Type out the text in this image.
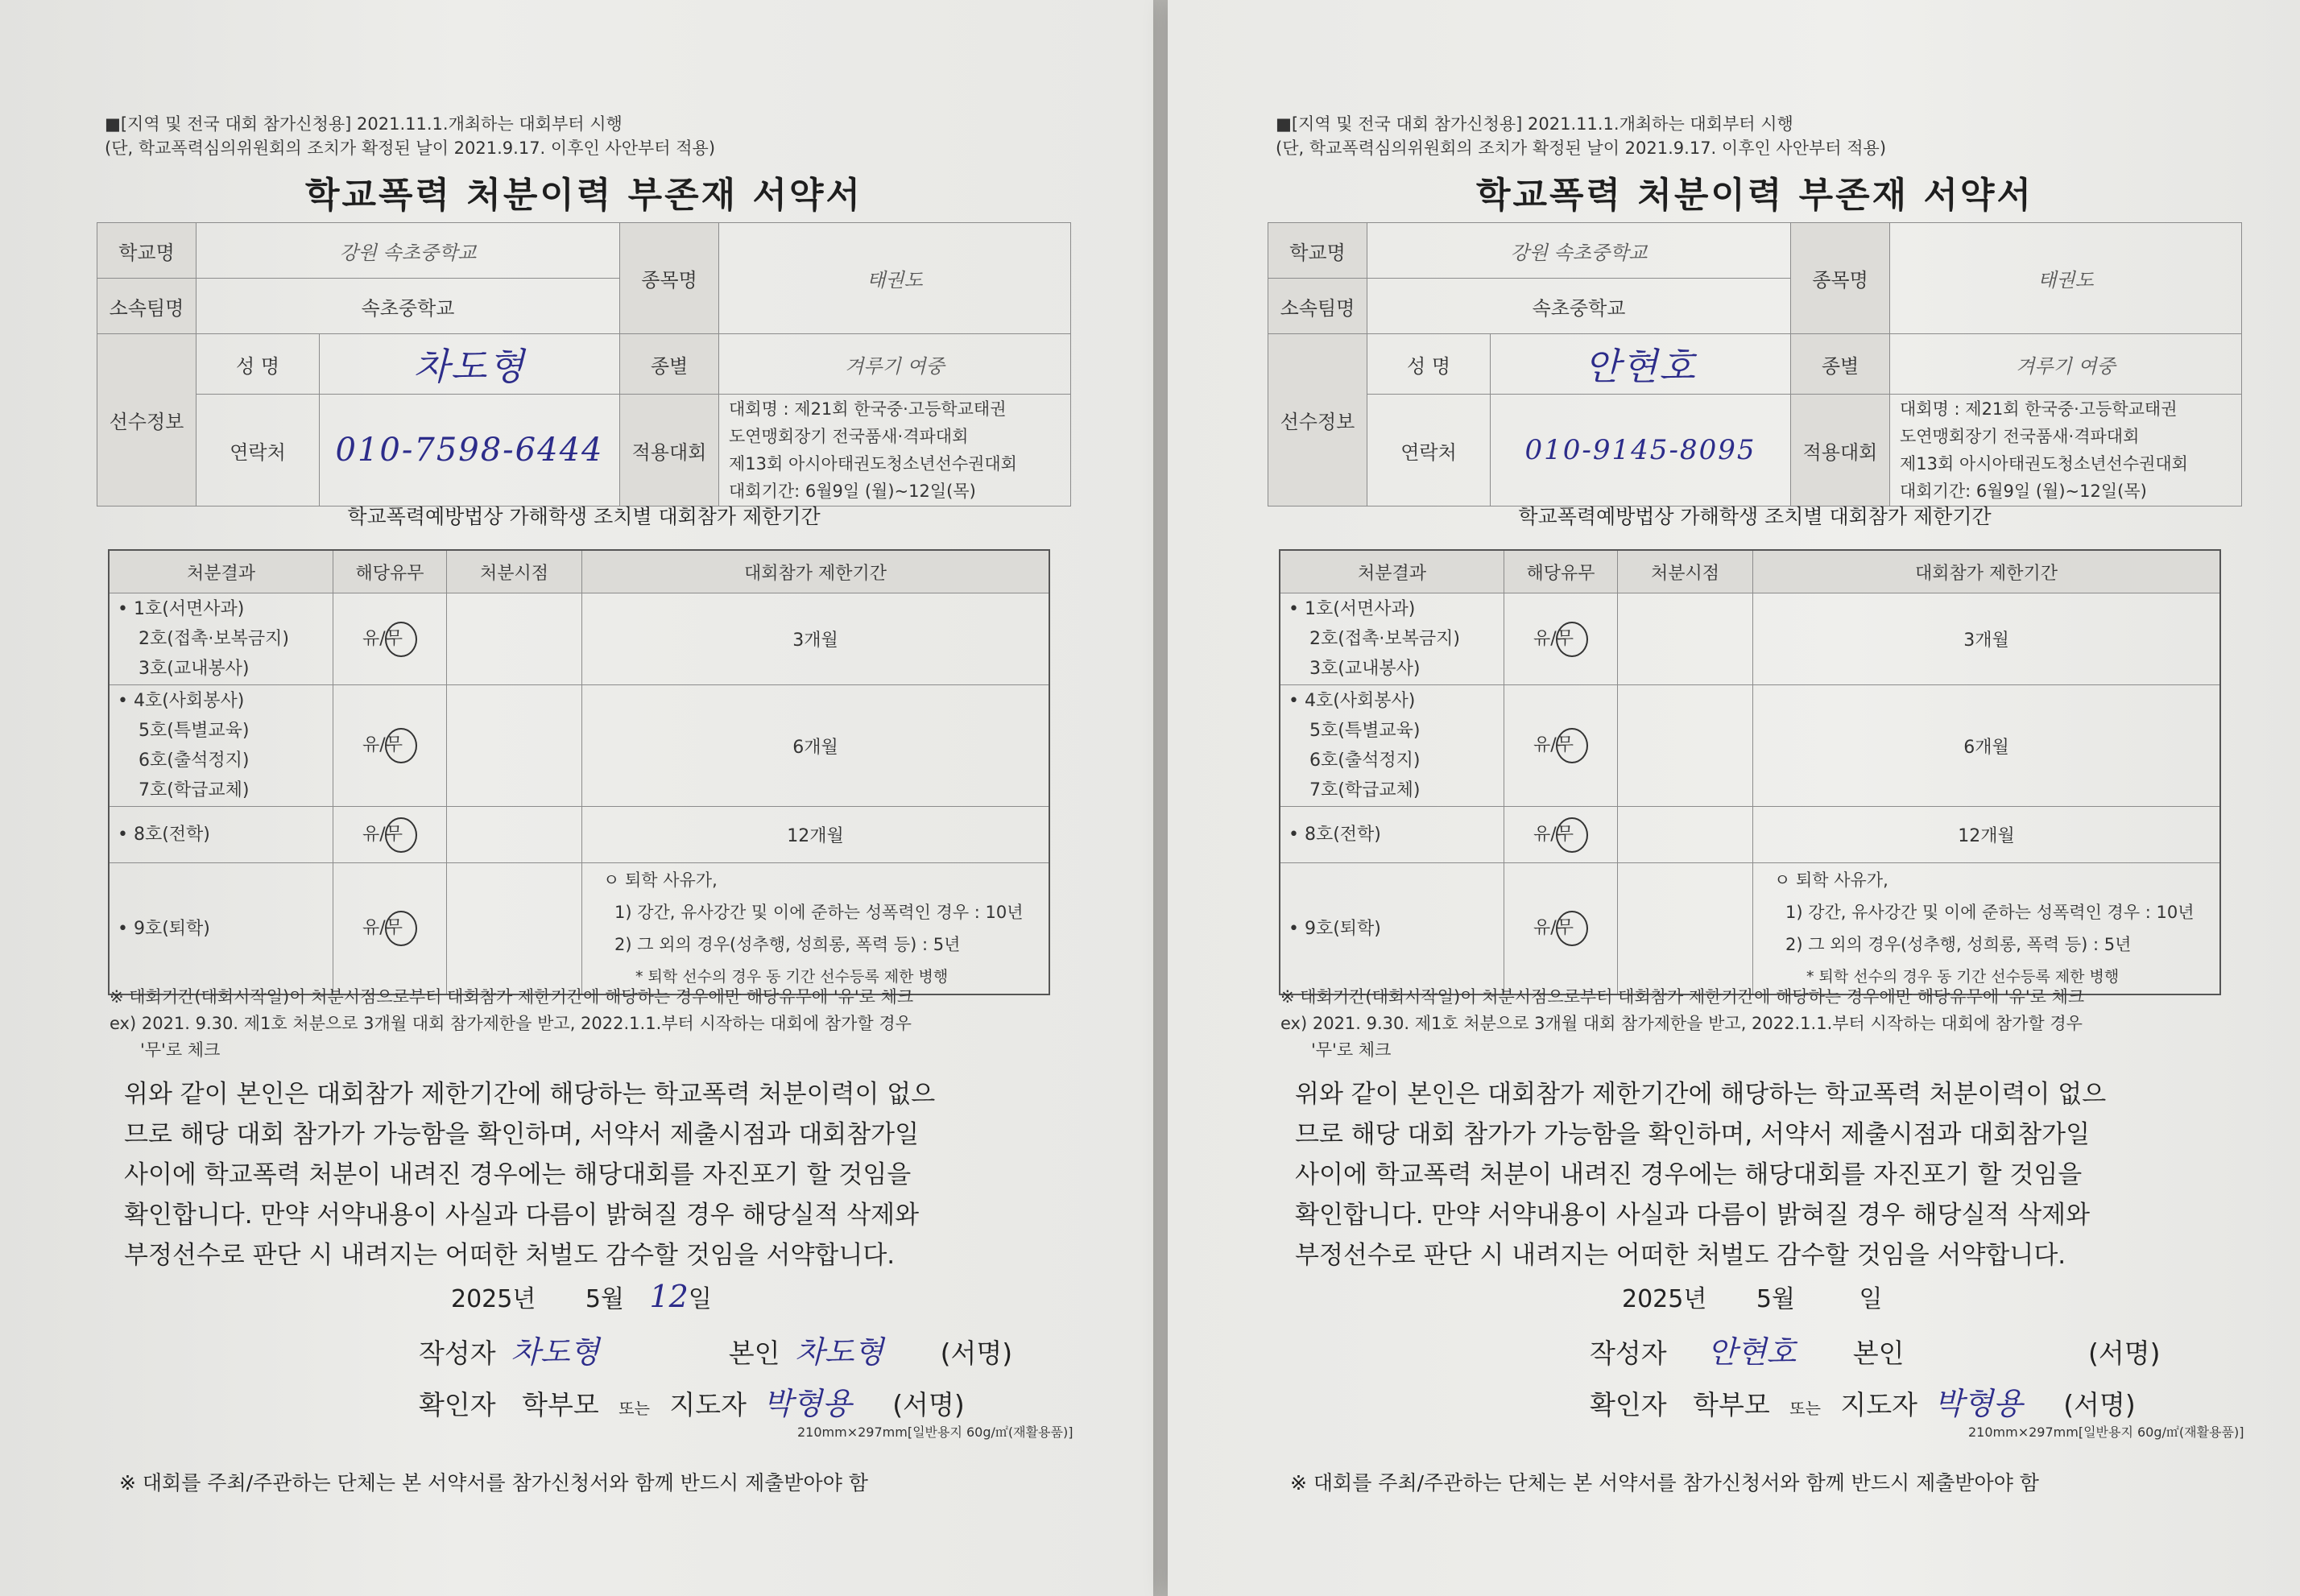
■[지역 및 전국 대회 참가신청용] 2021.11.1.개최하는 대회부터 시행
(단, 학교폭력심의위원회의 조치가 확정된 날이 2021.9.17. 이후인 사안부터 적용)
학교폭력 처분이력 부존재 서약서
학교명	강원 속초중학교		종목명	태권도
소속팀명	속초중학교			
선수정보	성 명	차도형	종별	겨루기 여중
	연락처	010-7598-6444	적용대회	대회명 : 제21회 한국중·고등학교태권
도연맹회장기 전국품새·격파대회
제13회 아시아태권도청소년선수권대회
대회기간: 6월9일 (월)~12일(목)
학교폭력예방법상 가해학생 조치별 대회참가 제한기간
처분결과	해당유무	처분시점	대회참가 제한기간

• 1호(서면사과)
2호(접촉·보복금지)
3호(교내봉사)	유/무		3개월

• 4호(사회봉사)
5호(특별교육)
6호(출석정지)
7호(학급교체)	유/무		6개월

• 8호(전학)	유/무		12개월

• 9호(퇴학)	유/무		ㅇ 퇴학 사유가,
1) 강간, 유사강간 및 이에 준하는 성폭력인 경우 : 10년
2) 그 외의 경우(성추행, 성희롱, 폭력 등) : 5년
* 퇴학 선수의 경우 동 기간 선수등록 제한 병행
※ 대회기간(대회시작일)이 처분시점으로부터 대회참가 제한기간에 해당하는 경우에만 해당유무에 '유'로 체크
ex) 2021. 9.30. 제1호 처분으로 3개월 대회 참가제한을 받고, 2022.1.1.부터 시작하는 대회에 참가할 경우
'무'로 체크
위와 같이 본인은 대회참가 제한기간에 해당하는 학교폭력 처분이력이 없으
므로 해당 대회 참가가 가능함을 확인하며, 서약서 제출시점과 대회참가일
사이에 학교폭력 처분이 내려진 경우에는 해당대회를 자진포기 할 것임을
확인합니다. 만약 서약내용이 사실과 다름이 밝혀질 경우 해당실적 삭제와
부정선수로 판단 시 내려지는 어떠한 처벌도 감수할 것임을 서약합니다.
2025년 5월 12일
작성자 차도형	본인 차도형 (서명)
확인자 학부모 또는 지도자 박형용 (서명)
210mm×297mm[일반용지 60g/㎡(재활용품)]
※ 대회를 주최/주관하는 단체는 본 서약서를 참가신청서와 함께 반드시 제출받아야 함
■[지역 및 전국 대회 참가신청용] 2021.11.1.개최하는 대회부터 시행
(단, 학교폭력심의위원회의 조치가 확정된 날이 2021.9.17. 이후인 사안부터 적용)
학교폭력 처분이력 부존재 서약서
학교명	강원 속초중학교		종목명	태권도
소속팀명	속초중학교			
선수정보	성 명	안현호	종별	겨루기 여중
	연락처	010-9145-8095	적용대회	대회명 : 제21회 한국중·고등학교태권
도연맹회장기 전국품새·격파대회
제13회 아시아태권도청소년선수권대회
대회기간: 6월9일 (월)~12일(목)
학교폭력예방법상 가해학생 조치별 대회참가 제한기간
처분결과	해당유무	처분시점	대회참가 제한기간

• 1호(서면사과)
2호(접촉·보복금지)
3호(교내봉사)	유/무		3개월

• 4호(사회봉사)
5호(특별교육)
6호(출석정지)
7호(학급교체)	유/무		6개월

• 8호(전학)	유/무		12개월

• 9호(퇴학)	유/무		ㅇ 퇴학 사유가,
1) 강간, 유사강간 및 이에 준하는 성폭력인 경우 : 10년
2) 그 외의 경우(성추행, 성희롱, 폭력 등) : 5년
* 퇴학 선수의 경우 동 기간 선수등록 제한 병행
※ 대회기간(대회시작일)이 처분시점으로부터 대회참가 제한기간에 해당하는 경우에만 해당유무에 '유'로 체크
ex) 2021. 9.30. 제1호 처분으로 3개월 대회 참가제한을 받고, 2022.1.1.부터 시작하는 대회에 참가할 경우
'무'로 체크
위와 같이 본인은 대회참가 제한기간에 해당하는 학교폭력 처분이력이 없으
므로 해당 대회 참가가 가능함을 확인하며, 서약서 제출시점과 대회참가일
사이에 학교폭력 처분이 내려진 경우에는 해당대회를 자진포기 할 것임을
확인합니다. 만약 서약내용이 사실과 다름이 밝혀질 경우 해당실적 삭제와
부정선수로 판단 시 내려지는 어떠한 처벌도 감수할 것임을 서약합니다.
2025년 5월	일
작성자 안현호 본인	(서명)
확인자 학부모 또는 지도자 박형용 (서명)
210mm×297mm[일반용지 60g/㎡(재활용품)]
※ 대회를 주최/주관하는 단체는 본 서약서를 참가신청서와 함께 반드시 제출받아야 함
